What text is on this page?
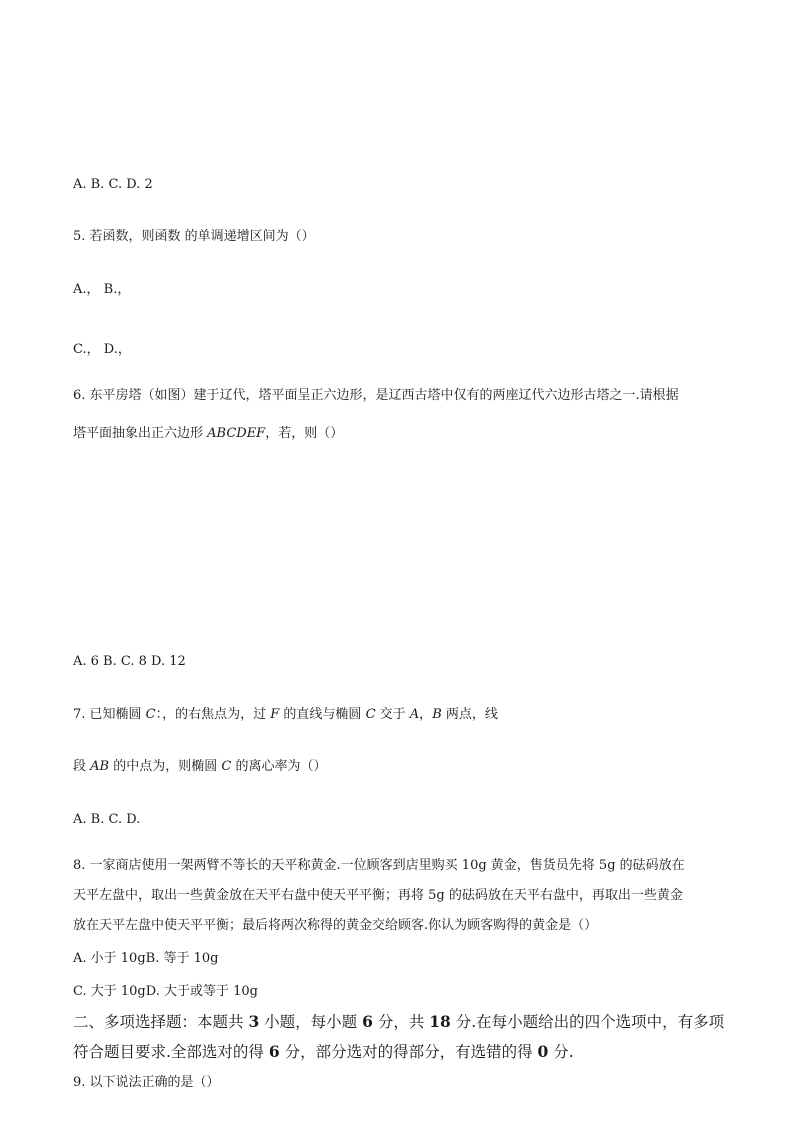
A. B. C. D. 2
5. 若函数，则函数 的单调递增区间为（）
A.， B.，
C.， D.，
6. 东平房塔（如图）建于辽代，塔平面呈正六边形，是辽西古塔中仅有的两座辽代六边形古塔之一.请根据
塔平面抽象出正六边形 ABCDEF，若，则（）
A. 6 B. C. 8 D. 12
7. 已知椭圆 C：，的右焦点为，过 F 的直线与椭圆 C 交于 A，B 两点，线
段 AB 的中点为，则椭圆 C 的离心率为（）
A. B. C. D.
8. 一家商店使用一架两臂不等长的天平称黄金.一位顾客到店里购买 10g 黄金，售货员先将 5g 的砝码放在
天平左盘中，取出一些黄金放在天平右盘中使天平平衡；再将 5g 的砝码放在天平右盘中，再取出一些黄金
放在天平左盘中使天平平衡；最后将两次称得的黄金交给顾客.你认为顾客购得的黄金是（）
A. 小于 10gB. 等于 10g
C. 大于 10gD. 大于或等于 10g
二、多项选择题：本题共 3 小题，每小题 6 分，共 18 分.在每小题给出的四个选项中，有多项
符合题目要求.全部选对的得 6 分，部分选对的得部分，有选错的得 0 分.
9. 以下说法正确的是（）
